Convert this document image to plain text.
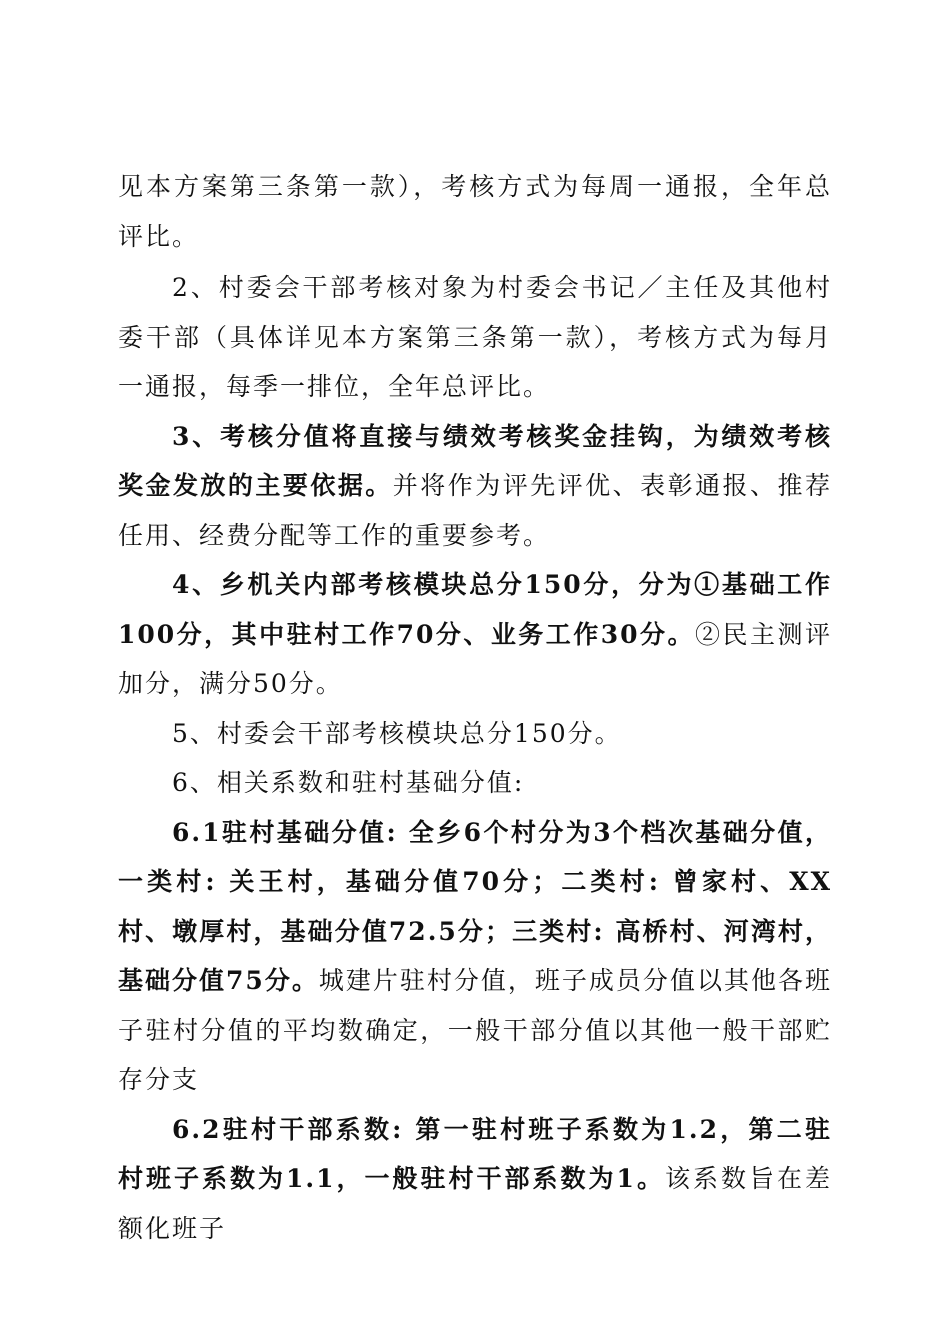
见本方案第三条第一款），考核方式为每周一通报，全年总评比。

2、村委会干部考核对象为村委会书记／主任及其他村委干部（具体详见本方案第三条第一款），考核方式为每月一通报，每季一排位，全年总评比。

3、考核分值将直接与绩效考核奖金挂钩，为绩效考核奖金发放的主要依据。并将作为评先评优、表彰通报、推荐任用、经费分配等工作的重要参考。

4、乡机关内部考核模块总分150分，分为①基础工作100分，其中驻村工作70分、业务工作30分。②民主测评加分，满分50分。

5、村委会干部考核模块总分150分。

6、相关系数和驻村基础分值:

6.1驻村基础分值: 全乡6个村分为3个档次基础分值，一类村: 关王村，基础分值70分；二类村: 曾家村、XX村、墩厚村，基础分值72.5分；三类村: 高桥村、河湾村，基础分值75分。城建片驻村分值，班子成员分值以其他各班子驻村分值的平均数确定，一般干部分值以其他一般干部贮存分支

6.2驻村干部系数: 第一驻村班子系数为1.2，第二驻村班子系数为1.1，一般驻村干部系数为1。该系数旨在差额化班子
